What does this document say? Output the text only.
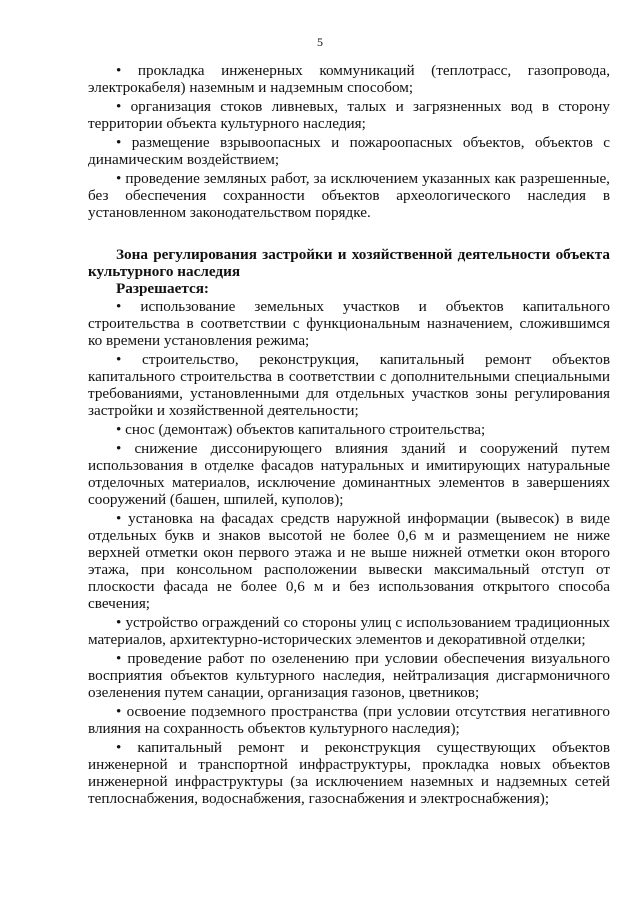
5

• прокладка инженерных коммуникаций (теплотрасс, газопровода, электрокабеля) наземным и надземным способом;

• организация стоков ливневых, талых и загрязненных вод в сторону территории объекта культурного наследия;

• размещение взрывоопасных и пожароопасных объектов, объектов с динамическим воздействием;

• проведение земляных работ, за исключением указанных как разрешенные, без обеспечения сохранности объектов археологического наследия в установленном законодательством порядке.

Зона регулирования застройки и хозяйственной деятельности объекта культурного наследия

Разрешается:

• использование земельных участков и объектов капитального строительства в соответствии с функциональным назначением, сложившимся ко времени установления режима;

• строительство, реконструкция, капитальный ремонт объектов капитального строительства в соответствии с дополнительными специальными требованиями, установленными для отдельных участков зоны регулирования застройки и хозяйственной деятельности;

• снос (демонтаж) объектов капитального строительства;

• снижение диссонирующего влияния зданий и сооружений путем использования в отделке фасадов натуральных и имитирующих натуральные отделочных материалов, исключение доминантных элементов в завершениях сооружений (башен, шпилей, куполов);

• установка на фасадах средств наружной информации (вывесок) в виде отдельных букв и знаков высотой не более 0,6 м и размещением не ниже верхней отметки окон первого этажа и не выше нижней отметки окон второго этажа, при консольном расположении вывески максимальный отступ от плоскости фасада не более 0,6 м и без использования открытого способа свечения;

• устройство ограждений со стороны улиц с использованием традиционных материалов, архитектурно-исторических элементов и декоративной отделки;

• проведение работ по озеленению при условии обеспечения визуального восприятия объектов культурного наследия, нейтрализация дисгармоничного озеленения путем санации, организация газонов, цветников;

• освоение подземного пространства (при условии отсутствия негативного влияния на сохранность объектов культурного наследия);

• капитальный ремонт и реконструкция существующих объектов инженерной и транспортной инфраструктуры, прокладка новых объектов инженерной инфраструктуры (за исключением наземных и надземных сетей теплоснабжения, водоснабжения, газоснабжения и электроснабжения);
